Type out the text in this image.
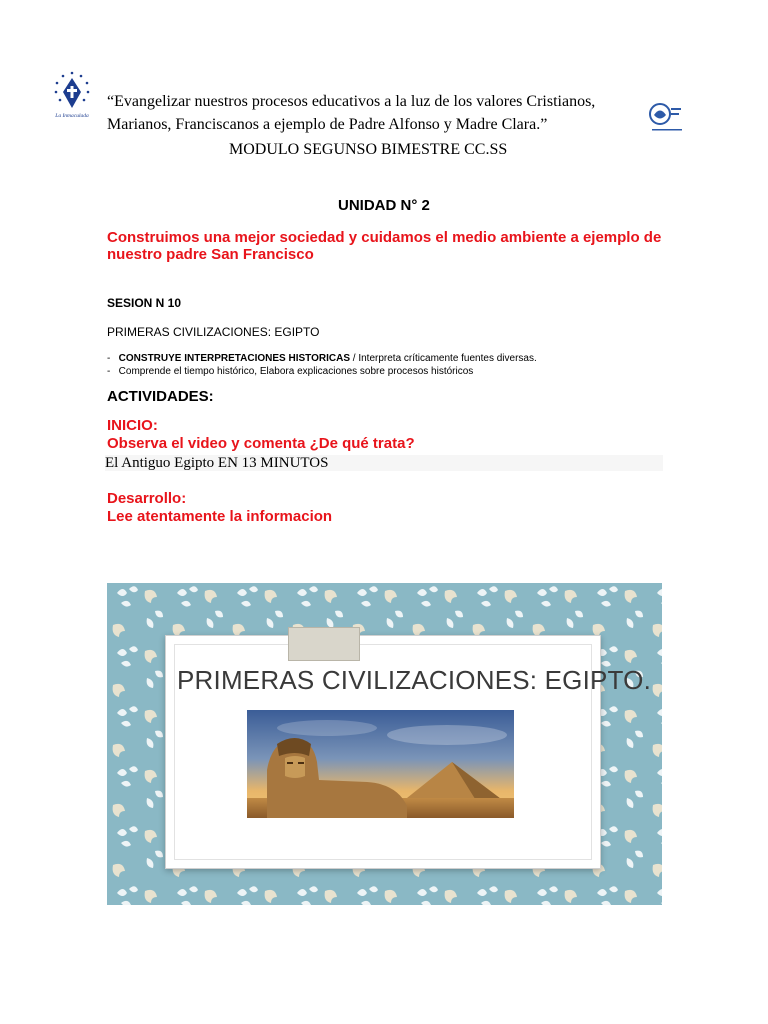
La Inmaculada
“Evangelizar nuestros procesos educativos a la luz de los valores Cristianos, Marianos, Franciscanos a ejemplo de Padre Alfonso y Madre Clara.”
MODULO SEGUNSO BIMESTRE CC.SS
UNIDAD N° 2
Construimos una mejor sociedad y cuidamos el medio ambiente a ejemplo de nuestro padre San Francisco
SESION N 10
PRIMERAS CIVILIZACIONES: EGIPTO
-   CONSTRUYE INTERPRETACIONES HISTORICAS / Interpreta críticamente fuentes diversas.
-   Comprende el tiempo histórico, Elabora explicaciones sobre procesos históricos
ACTIVIDADES:
INICIO:
Observa el video y comenta ¿De qué trata?
El Antiguo Egipto EN 13 MINUTOS
Desarrollo:
Lee atentamente la informacion
PRIMERAS CIVILIZACIONES: EGIPTO.
